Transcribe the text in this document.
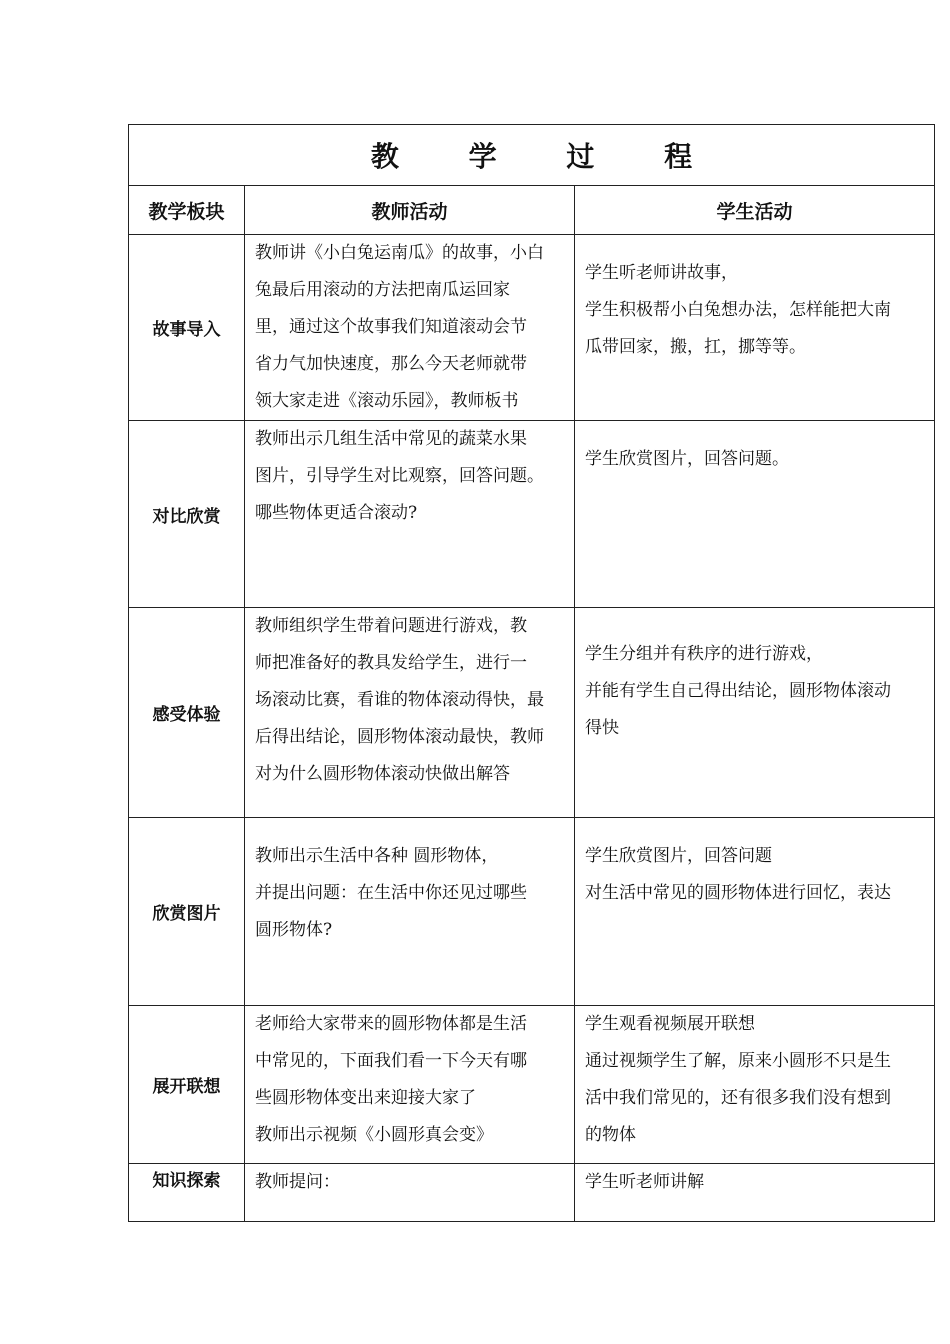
教 学 过 程		
教学板块	教师活动	学生活动
故事导入	教师讲《小白兔运南瓜》的故事，小白
兔最后用滚动的方法把南瓜运回家
里，通过这个故事我们知道滚动会节
省力气加快速度，那么今天老师就带
领大家走进《滚动乐园》，教师板书	学生听老师讲故事，
学生积极帮小白兔想办法，怎样能把大南
瓜带回家，搬，扛，挪等等。

对比欣赏	教师出示几组生活中常见的蔬菜水果
图片，引导学生对比观察，回答问题。
哪些物体更适合滚动?	学生欣赏图片，回答问题。

感受体验	教师组织学生带着问题进行游戏，教
师把准备好的教具发给学生，进行一
场滚动比赛，看谁的物体滚动得快，最
后得出结论，圆形物体滚动最快，教师
对为什么圆形物体滚动快做出解答	学生分组并有秩序的进行游戏，
并能有学生自己得出结论，圆形物体滚动
得快

欣赏图片	教师出示生活中各种 圆形物体，
并提出问题：在生活中你还见过哪些
圆形物体?	学生欣赏图片，回答问题
对生活中常见的圆形物体进行回忆，表达

展开联想	老师给大家带来的圆形物体都是生活
中常见的，下面我们看一下今天有哪
些圆形物体变出来迎接大家了
教师出示视频《小圆形真会变》	学生观看视频展开联想
通过视频学生了解，原来小圆形不只是生
活中我们常见的，还有很多我们没有想到
的物体

知识探索	教师提问：	学生听老师讲解
